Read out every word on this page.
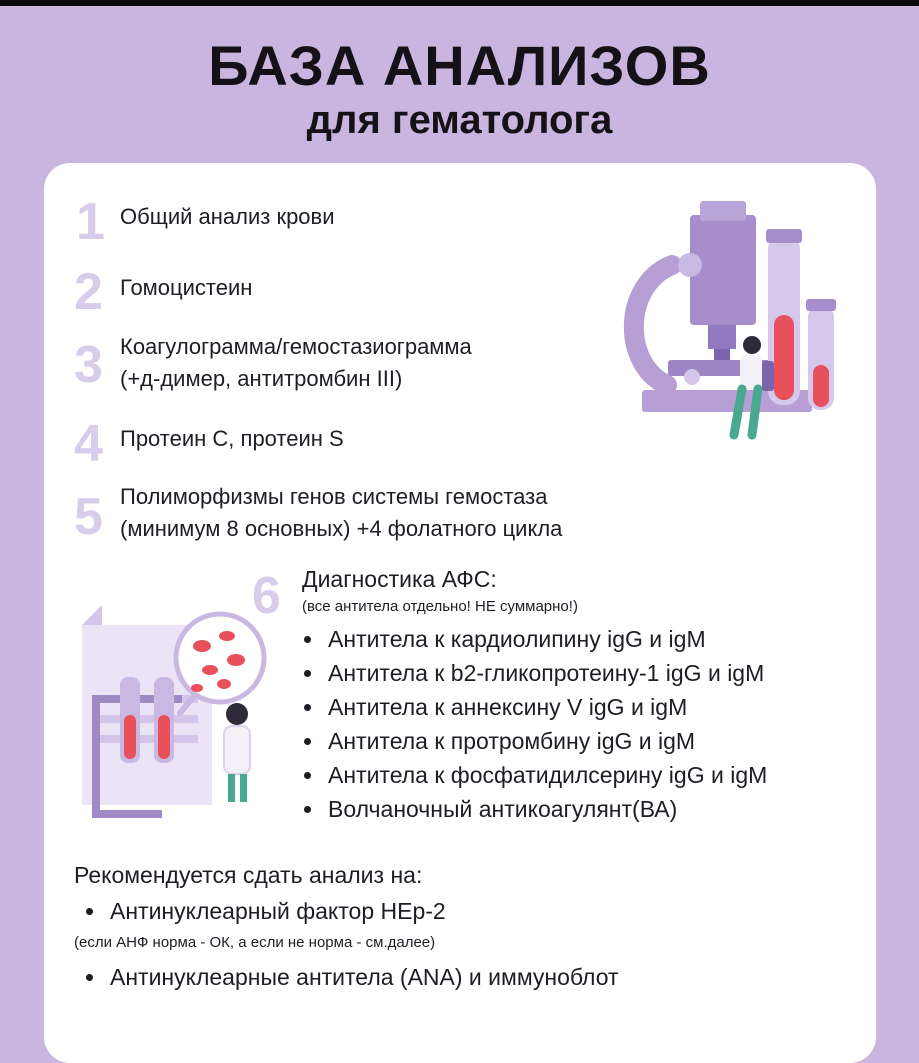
БАЗА АНАЛИЗОВ
для гематолога
1 Общий анализ крови
2 Гомоцистеин
3 Коагулограмма/гемостазиограмма
(+д-димер, антитромбин III)
4 Протеин С, протеин S
5 Полиморфизмы генов системы гемостаза
(минимум 8 основных) +4 фолатного цикла
6 Диагностика АФС:
(все антитела отдельно! НЕ суммарно!)
Антитела к кардиолипину igG и igM
Антитела к b2-гликопротеину-1 igG и igM
Антитела к аннексину V igG и igM
Антитела к протромбину igG и igM
Антитела к фосфатидилсерину igG и igM
Волчаночный антикоагулянт(ВА)
Рекомендуется сдать анализ на:
Антинуклеарный фактор НЕр-2
(если АНФ норма - ОК, а если не норма - см.далее)
Антинуклеарные антитела (ANA) и иммуноблот
